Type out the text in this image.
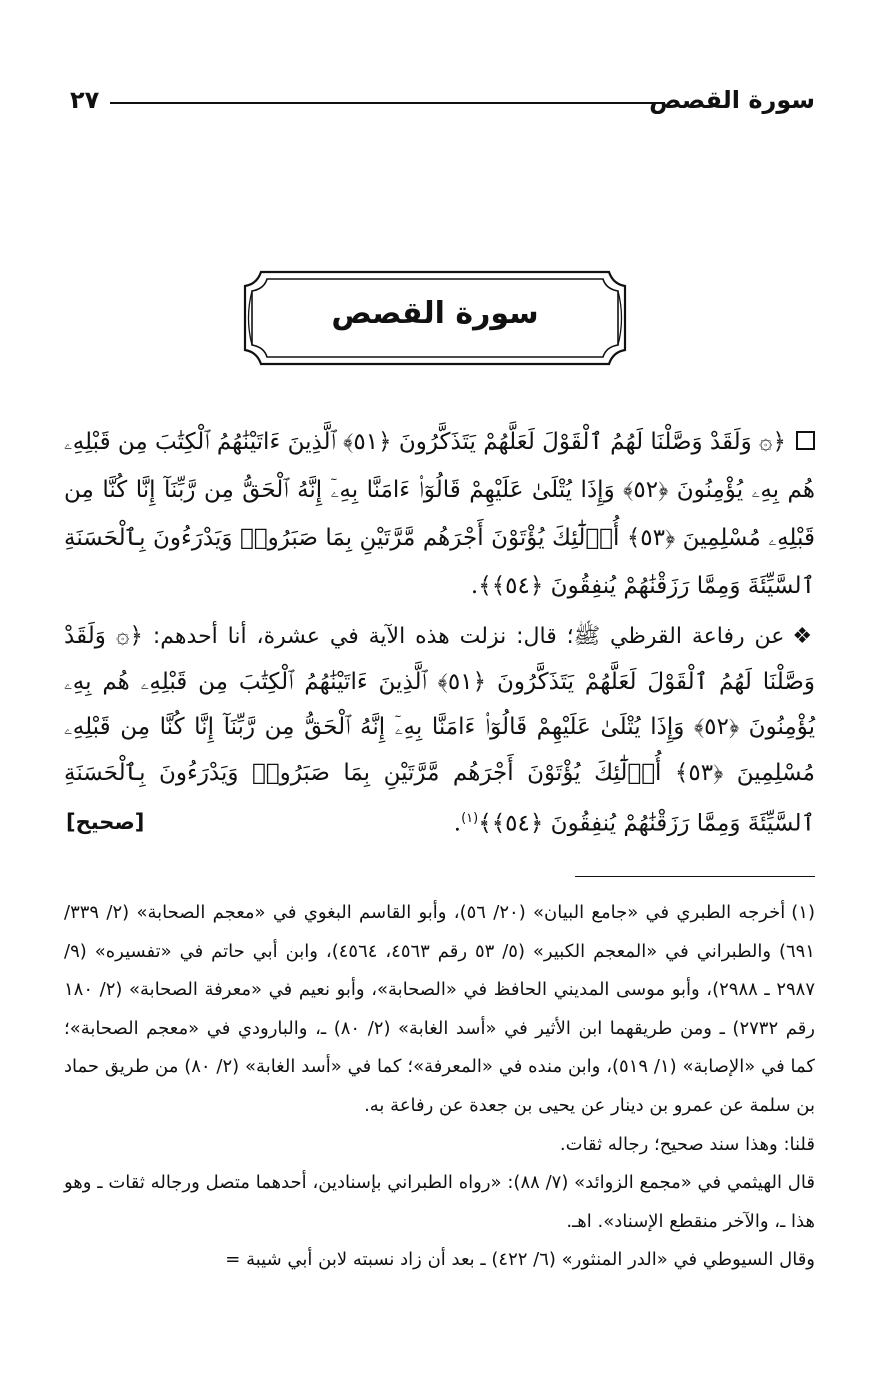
سورة القصص
٢٧
سورة القصص
﴿۞ وَلَقَدْ وَصَّلْنَا لَهُمُ ٱلْقَوْلَ لَعَلَّهُمْ يَتَذَكَّرُونَ ﴿٥١﴾ ٱلَّذِينَ ءَاتَيْنَٰهُمُ ٱلْكِتَٰبَ مِن قَبْلِهِۦ هُم بِهِۦ يُؤْمِنُونَ ﴿٥٢﴾ وَإِذَا يُتْلَىٰ عَلَيْهِمْ قَالُوٓا۟ ءَامَنَّا بِهِۦٓ إِنَّهُ ٱلْحَقُّ مِن رَّبِّنَآ إِنَّا كُنَّا مِن قَبْلِهِۦ مُسْلِمِينَ ﴿٥٣﴾ أُو۟لَٰٓئِكَ يُؤْتَوْنَ أَجْرَهُم مَّرَّتَيْنِ بِمَا صَبَرُوا۟ وَيَدْرَءُونَ بِٱلْحَسَنَةِ ٱلسَّيِّئَةَ وَمِمَّا رَزَقْنَٰهُمْ يُنفِقُونَ ﴿٥٤﴾﴾.
❖عن رفاعة القرظي ﷺ؛ قال: نزلت هذه الآية في عشرة، أنا أحدهم: ﴿۞ وَلَقَدْ وَصَّلْنَا لَهُمُ ٱلْقَوْلَ لَعَلَّهُمْ يَتَذَكَّرُونَ ﴿٥١﴾ ٱلَّذِينَ ءَاتَيْنَٰهُمُ ٱلْكِتَٰبَ مِن قَبْلِهِۦ هُم بِهِۦ يُؤْمِنُونَ ﴿٥٢﴾ وَإِذَا يُتْلَىٰ عَلَيْهِمْ قَالُوٓا۟ ءَامَنَّا بِهِۦٓ إِنَّهُ ٱلْحَقُّ مِن رَّبِّنَآ إِنَّا كُنَّا مِن قَبْلِهِۦ مُسْلِمِينَ ﴿٥٣﴾ أُو۟لَٰٓئِكَ يُؤْتَوْنَ أَجْرَهُم مَّرَّتَيْنِ بِمَا صَبَرُوا۟ وَيَدْرَءُونَ بِٱلْحَسَنَةِ ٱلسَّيِّئَةَ وَمِمَّا رَزَقْنَٰهُمْ يُنفِقُونَ ﴿٥٤﴾﴾$^{(١)}$.
[صحيح]

(١)أخرجه الطبري في «جامع البيان» (٢٠/ ٥٦)، وأبو القاسم البغوي في «معجم الصحابة» (٢/ ٣٣٩/ ٦٩١) والطبراني في «المعجم الكبير» (٥/ ٥٣ رقم ٤٥٦٣، ٤٥٦٤)، وابن أبي حاتم في «تفسيره» (٩/ ٢٩٨٧ ـ ٢٩٨٨)، وأبو موسى المديني الحافظ في «الصحابة»، وأبو نعيم في «معرفة الصحابة» (٢/ ١٨٠ رقم ٢٧٣٢) ـ ومن طريقهما ابن الأثير في «أسد الغابة» (٢/ ٨٠) ـ، والبارودي في «معجم الصحابة»؛ كما في «الإصابة» (١/ ٥١٩)، وابن منده في «المعرفة»؛ كما في «أسد الغابة» (٢/ ٨٠) من طريق حماد بن سلمة عن عمرو بن دينار عن يحيى بن جعدة عن رفاعة به.

قلنا: وهذا سند صحيح؛ رجاله ثقات.

قال الهيثمي في «مجمع الزوائد» (٧/ ٨٨): «رواه الطبراني بإسنادين، أحدهما متصل ورجاله ثقات ـ وهو هذا ـ، والآخر منقطع الإسناد». اهـ.

وقال السيوطي في «الدر المنثور» (٦/ ٤٢٢) ـ بعد أن زاد نسبته لابن أبي شيبة =
